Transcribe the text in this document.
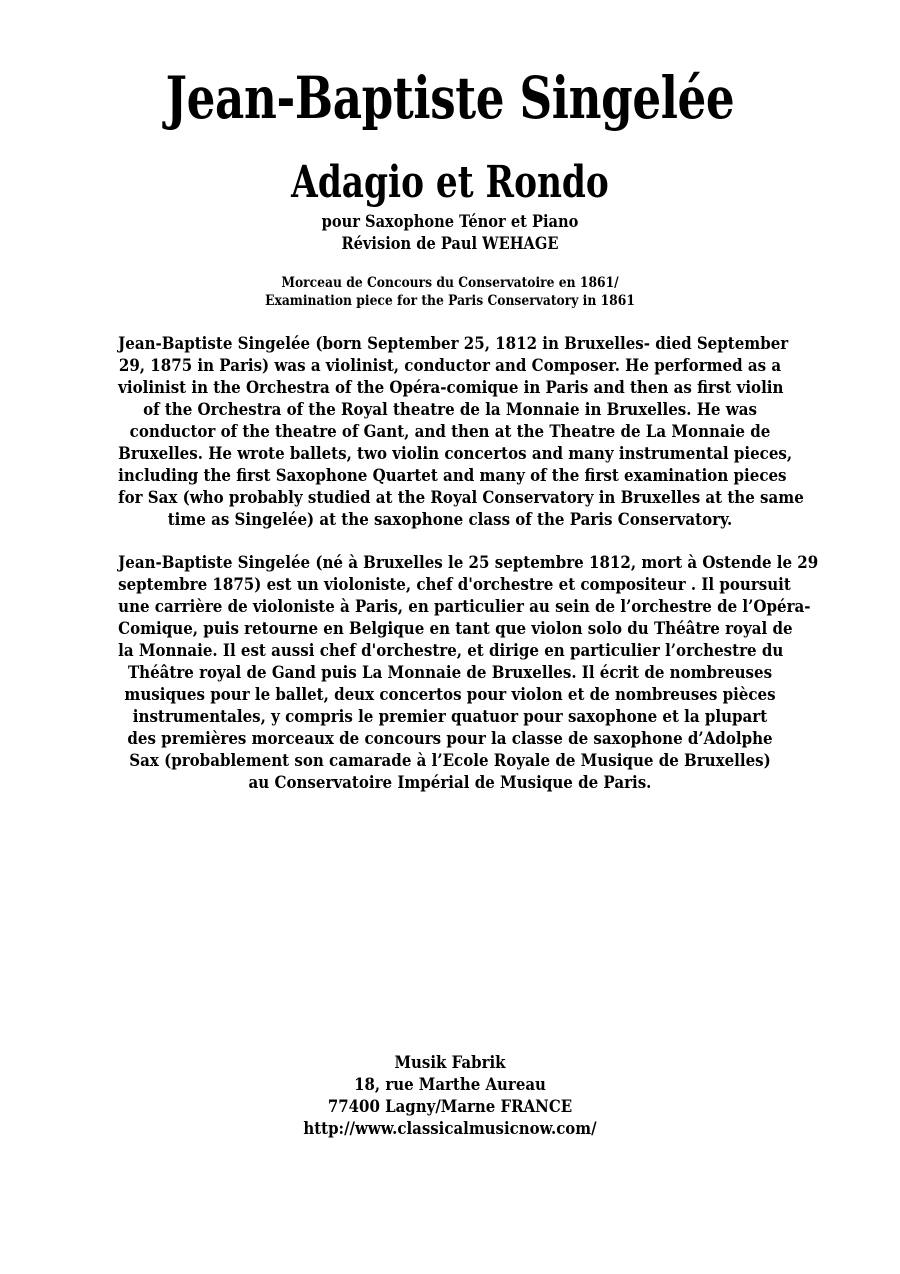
Jean-Baptiste Singelée
Adagio et Rondo
pour Saxophone Ténor et Piano
Révision de Paul WEHAGE
Morceau de Concours du Conservatoire en 1861/
Examination piece for the Paris Conservatory in 1861
Jean-Baptiste Singelée (born September 25, 1812 in Bruxelles- died September
29, 1875 in Paris) was a violinist, conductor and Composer. He performed as a
violinist in the Orchestra of the Opéra-comique in Paris and then as first violin
of the Orchestra of the Royal theatre de la Monnaie in Bruxelles. He was
conductor of the theatre of Gant, and then at the Theatre de La Monnaie de
Bruxelles. He wrote ballets, two violin concertos and many instrumental pieces,
including the first Saxophone Quartet and many of the first examination pieces
for Sax (who probably studied at the Royal Conservatory in Bruxelles at the same
time as Singelée) at the saxophone class of the Paris Conservatory.
Jean-Baptiste Singelée (né à Bruxelles le 25 septembre 1812, mort à Ostende le 29
septembre 1875) est un violoniste, chef d'orchestre et compositeur . Il poursuit
une carrière de violoniste à Paris, en particulier au sein de l’orchestre de l’Opéra-
Comique, puis retourne en Belgique en tant que violon solo du Théâtre royal de
la Monnaie. Il est aussi chef d'orchestre, et dirige en particulier l’orchestre du
Théâtre royal de Gand puis La Monnaie de Bruxelles. Il écrit de nombreuses
musiques pour le ballet, deux concertos pour violon et de nombreuses pièces
instrumentales, y compris le premier quatuor pour saxophone et la plupart
des premières morceaux de concours pour la classe de saxophone d’Adolphe
Sax (probablement son camarade à l’Ecole Royale de Musique de Bruxelles)
au Conservatoire Impérial de Musique de Paris.
Musik Fabrik
18, rue Marthe Aureau
77400 Lagny/Marne FRANCE
http://www.classicalmusicnow.com/
